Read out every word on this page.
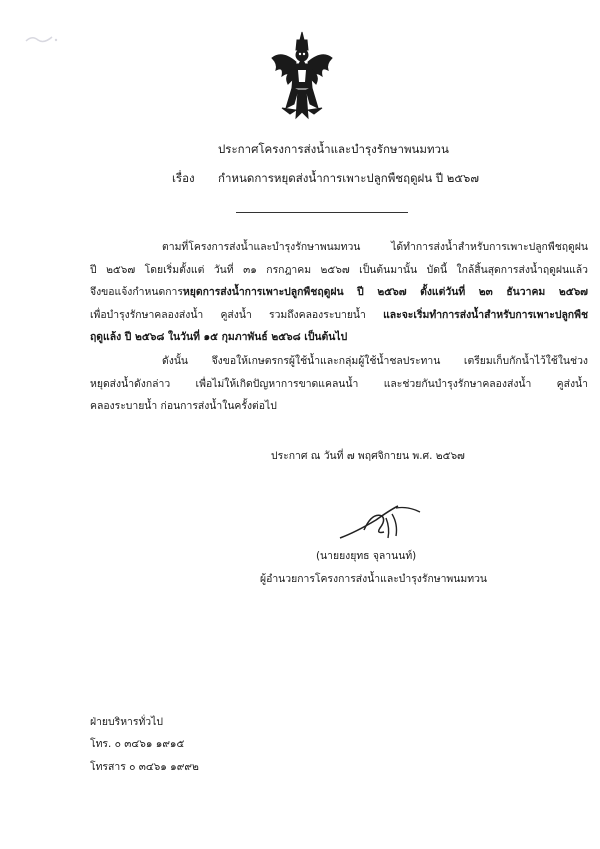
ประกาศโครงการส่งน้ำและบำรุงรักษาพนมทวน
เรื่อง กำหนดการหยุดส่งน้ำการเพาะปลูกพืชฤดูฝน ปี ๒๕๖๗
ตามที่โครงการส่งน้ำและบำรุงรักษาพนมทวน ได้ทำการส่งน้ำสำหรับการเพาะปลูกพืชฤดูฝน
ปี ๒๕๖๗ โดยเริ่มตั้งแต่ วันที่ ๓๑ กรกฎาคม ๒๕๖๗ เป็นต้นมานั้น บัดนี้ ใกล้สิ้นสุดการส่งน้ำฤดูฝนแล้ว
จึงขอแจ้งกำหนดการหยุดการส่งน้ำการเพาะปลูกพืชฤดูฝน ปี ๒๕๖๗ ตั้งแต่วันที่ ๒๓ ธันวาคม ๒๕๖๗
เพื่อบำรุงรักษาคลองส่งน้ำ คูส่งน้ำ รวมถึงคลองระบายน้ำ และจะเริ่มทำการส่งน้ำสำหรับการเพาะปลูกพืช
ฤดูแล้ง ปี ๒๕๖๘ ในวันที่ ๑๕ กุมภาพันธ์ ๒๕๖๘ เป็นต้นไป
ดังนั้น จึงขอให้เกษตรกรผู้ใช้น้ำและกลุ่มผู้ใช้น้ำชลประทาน เตรียมเก็บกักน้ำไว้ใช้ในช่วง
หยุดส่งน้ำดังกล่าว เพื่อไม่ให้เกิดปัญหาการขาดแคลนน้ำ และช่วยกันบำรุงรักษาคลองส่งน้ำ คูส่งน้ำ
คลองระบายน้ำ ก่อนการส่งน้ำในครั้งต่อไป
ประกาศ ณ วันที่ ๗ พฤศจิกายน พ.ศ. ๒๕๖๗
(นายยงยุทธ จุลานนท์)
ผู้อำนวยการโครงการส่งน้ำและบำรุงรักษาพนมทวน
ฝ่ายบริหารทั่วไป
โทร. ๐ ๓๔๖๑ ๑๙๑๕
โทรสาร ๐ ๓๔๖๑ ๑๙๙๒
